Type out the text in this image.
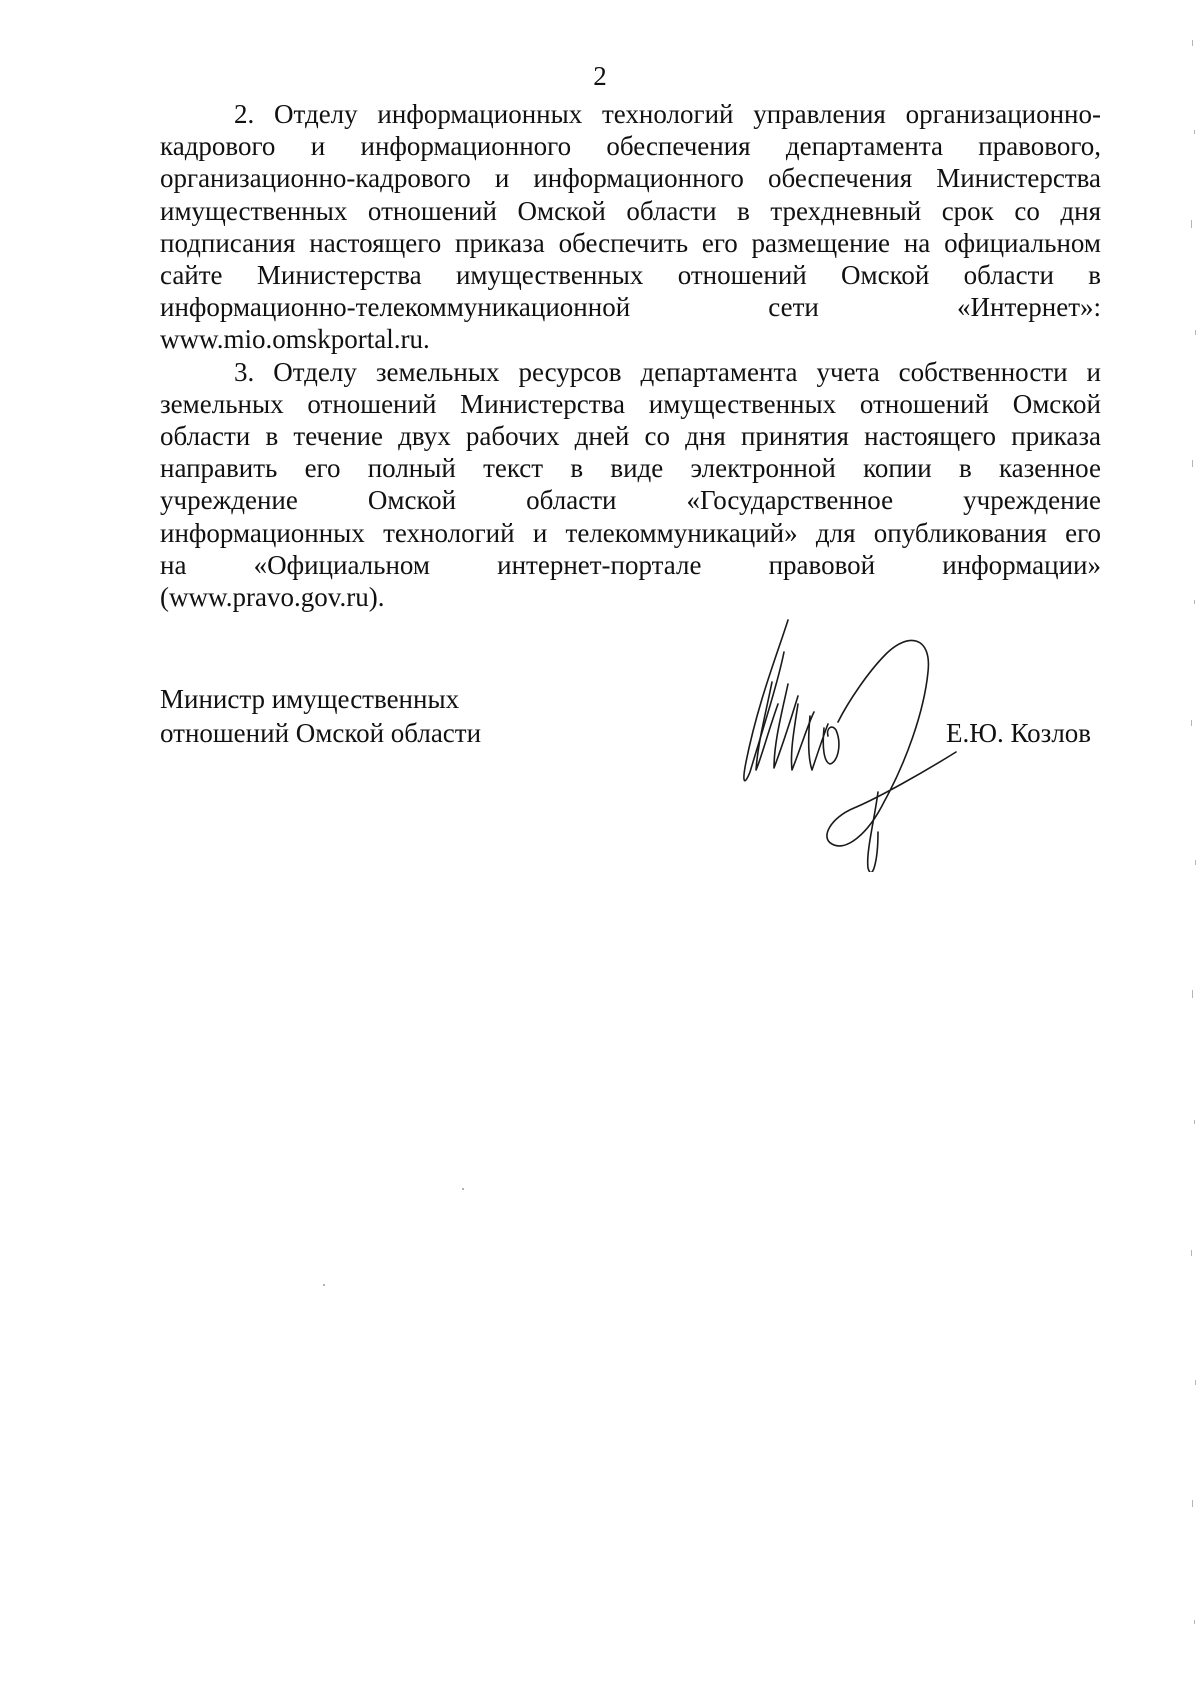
2

2. Отделу информационных технологий управления организационно-
кадрового и информационного обеспечения департамента правового,
организационно-кадрового и информационного обеспечения Министерства
имущественных отношений Омской области в трехдневный срок со дня
подписания настоящего приказа обеспечить его размещение на официальном
сайте Министерства имущественных отношений Омской области в
информационно-телекоммуникационной сети «Интернет»:
www.mio.omskportal.ru.

3. Отделу земельных ресурсов департамента учета собственности и
земельных отношений Министерства имущественных отношений Омской
области в течение двух рабочих дней со дня принятия настоящего приказа
направить его полный текст в виде электронной копии в казенное
учреждение Омской области «Государственное учреждение
информационных технологий и телекоммуникаций» для опубликования его
на «Официальном интернет-портале правовой информации»
(www.pravo.gov.ru).

Министр имущественных
отношений Омской области	Е.Ю. Козлов
